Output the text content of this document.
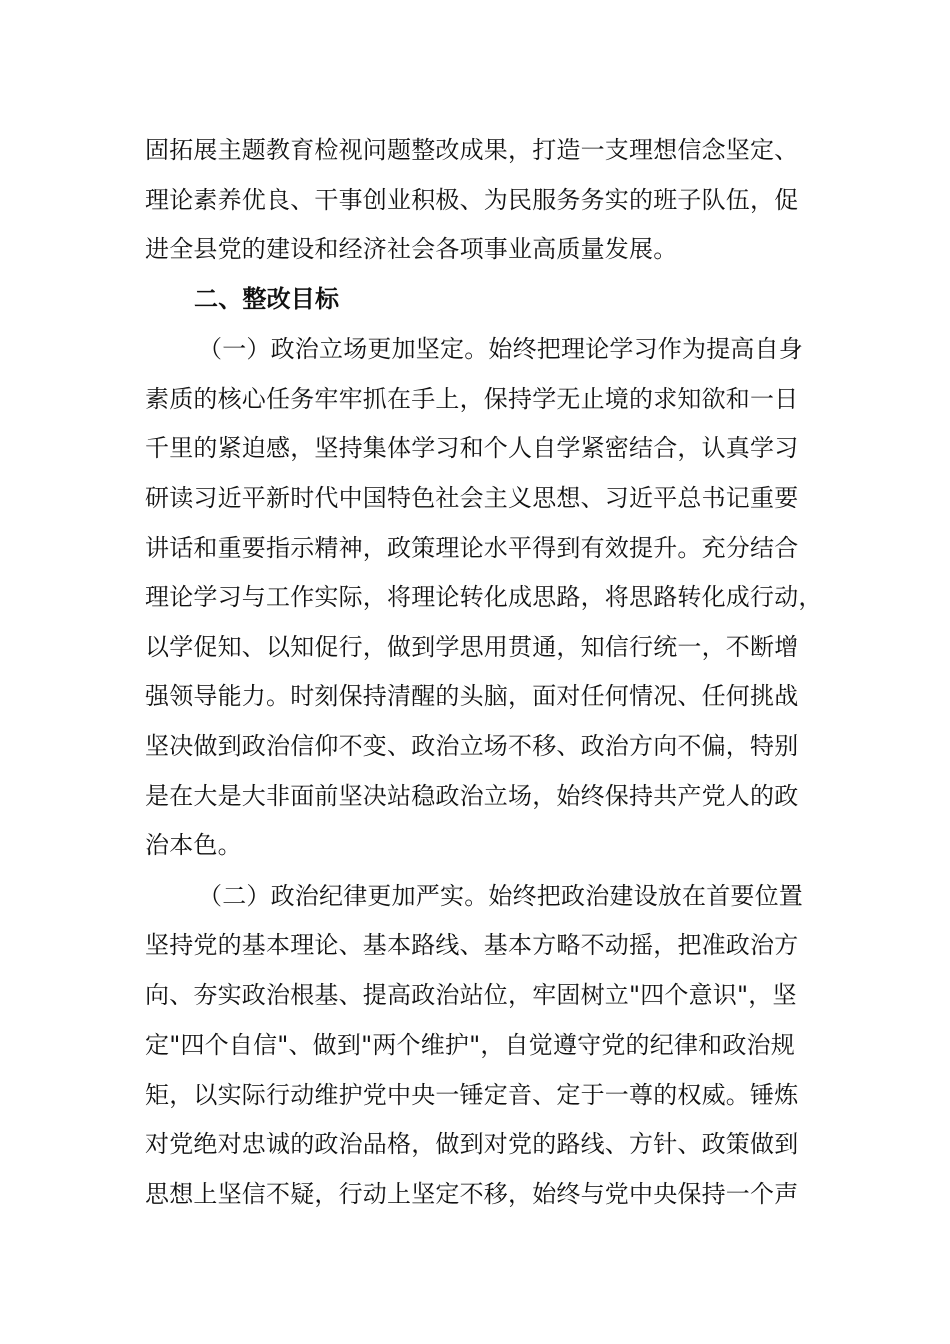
固拓展主题教育检视问题整改成果，打造一支理想信念坚定、
理论素养优良、干事创业积极、为民服务务实的班子队伍，促
进全县党的建设和经济社会各项事业高质量发展。
二、整改目标
（一）政治立场更加坚定。始终把理论学习作为提高自身
素质的核心任务牢牢抓在手上，保持学无止境的求知欲和一日
千里的紧迫感，坚持集体学习和个人自学紧密结合，认真学习
研读习近平新时代中国特色社会主义思想、习近平总书记重要
讲话和重要指示精神，政策理论水平得到有效提升。充分结合
理论学习与工作实际，将理论转化成思路，将思路转化成行动，
以学促知、以知促行，做到学思用贯通，知信行统一，不断增
强领导能力。时刻保持清醒的头脑，面对任何情况、任何挑战
坚决做到政治信仰不变、政治立场不移、政治方向不偏，特别
是在大是大非面前坚决站稳政治立场，始终保持共产党人的政
治本色。
（二）政治纪律更加严实。始终把政治建设放在首要位置
坚持党的基本理论、基本路线、基本方略不动摇，把准政治方
向、夯实政治根基、提高政治站位，牢固树立"四个意识"，坚
定"四个自信"、做到"两个维护"，自觉遵守党的纪律和政治规
矩，以实际行动维护党中央一锤定音、定于一尊的权威。锤炼
对党绝对忠诚的政治品格，做到对党的路线、方针、政策做到
思想上坚信不疑，行动上坚定不移，始终与党中央保持一个声
